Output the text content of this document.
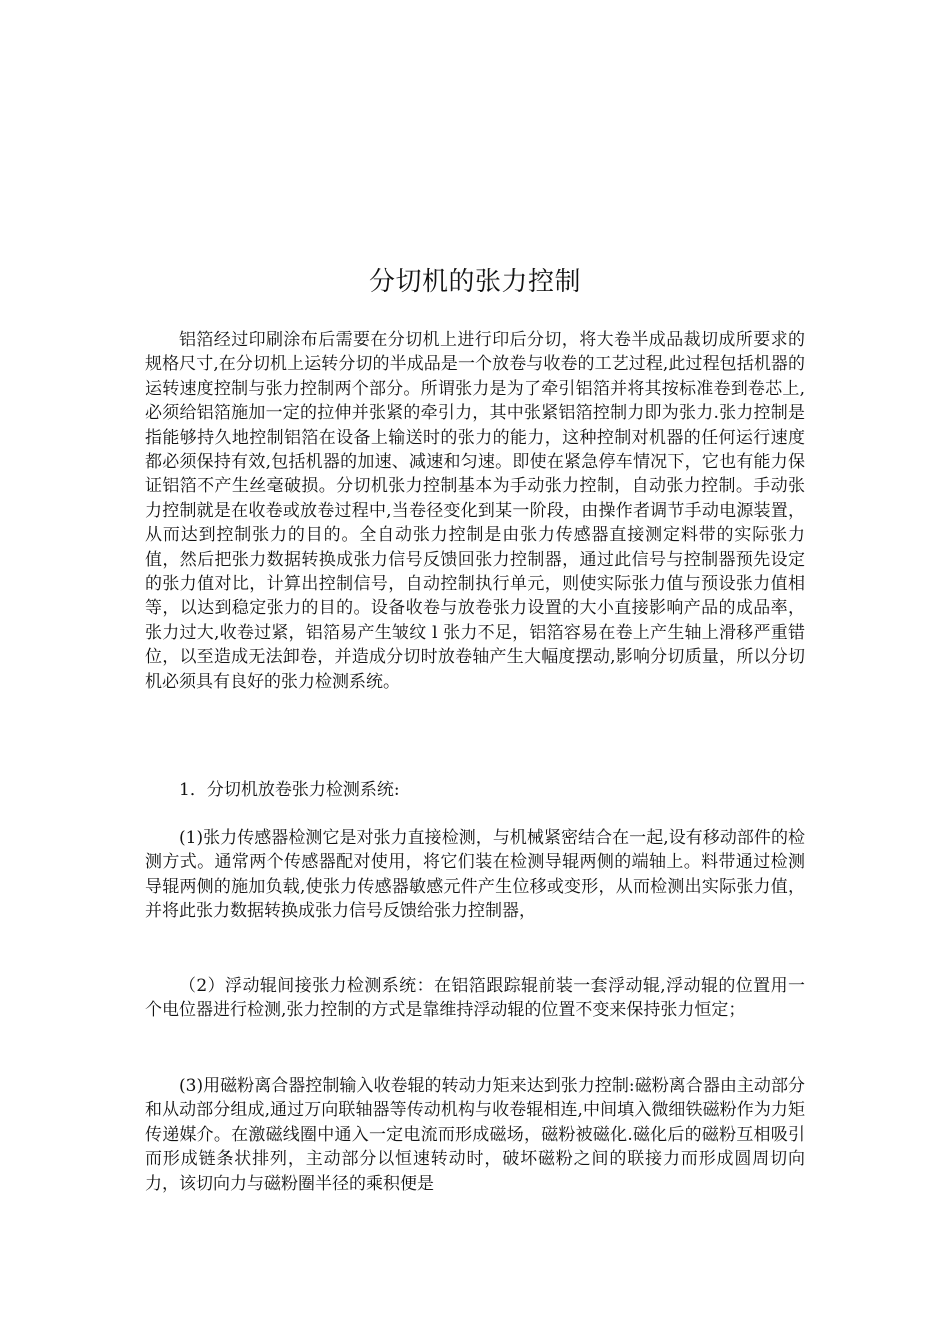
分切机的张力控制

铝箔经过印刷涂布后需要在分切机上进行印后分切，将大卷半成品裁切成所要求的规格尺寸,在分切机上运转分切的半成品是一个放卷与收卷的工艺过程,此过程包括机器的运转速度控制与张力控制两个部分。所谓张力是为了牵引铝箔并将其按标准卷到卷芯上,必须给铝箔施加一定的拉伸并张紧的牵引力，其中张紧铝箔控制力即为张力.张力控制是指能够持久地控制铝箔在设备上输送时的张力的能力，这种控制对机器的任何运行速度都必须保持有效,包括机器的加速、减速和匀速。即使在紧急停车情况下，它也有能力保证铝箔不产生丝毫破损。分切机张力控制基本为手动张力控制，自动张力控制。手动张力控制就是在收卷或放卷过程中,当卷径变化到某一阶段，由操作者调节手动电源装置，从而达到控制张力的目的。全自动张力控制是由张力传感器直接测定料带的实际张力值，然后把张力数据转换成张力信号反馈回张力控制器，通过此信号与控制器预先设定的张力值对比，计算出控制信号，自动控制执行单元，则使实际张力值与预设张力值相等，以达到稳定张力的目的。设备收卷与放卷张力设置的大小直接影响产品的成品率，张力过大,收卷过紧，铝箔易产生皱纹 l 张力不足，铝箔容易在卷上产生轴上滑移严重错位，以至造成无法卸卷，并造成分切时放卷轴产生大幅度摆动,影响分切质量，所以分切机必须具有良好的张力检测系统。

1．分切机放卷张力检测系统:

(1)张力传感器检测它是对张力直接检测，与机械紧密结合在一起,设有移动部件的检测方式。通常两个传感器配对使用，将它们装在检测导辊两侧的端轴上。料带通过检测导辊两侧的施加负载,使张力传感器敏感元件产生位移或变形，从而检测出实际张力值，并将此张力数据转换成张力信号反馈给张力控制器，

（2）浮动辊间接张力检测系统：在铝箔跟踪辊前装一套浮动辊,浮动辊的位置用一个电位器进行检测,张力控制的方式是靠维持浮动辊的位置不变来保持张力恒定；

(3)用磁粉离合器控制输入收卷辊的转动力矩来达到张力控制:磁粉离合器由主动部分和从动部分组成,通过万向联轴器等传动机构与收卷辊相连,中间填入微细铁磁粉作为力矩传递媒介。在激磁线圈中通入一定电流而形成磁场，磁粉被磁化.磁化后的磁粉互相吸引而形成链条状排列，主动部分以恒速转动时，破坏磁粉之间的联接力而形成圆周切向力，该切向力与磁粉圈半径的乘积便是
